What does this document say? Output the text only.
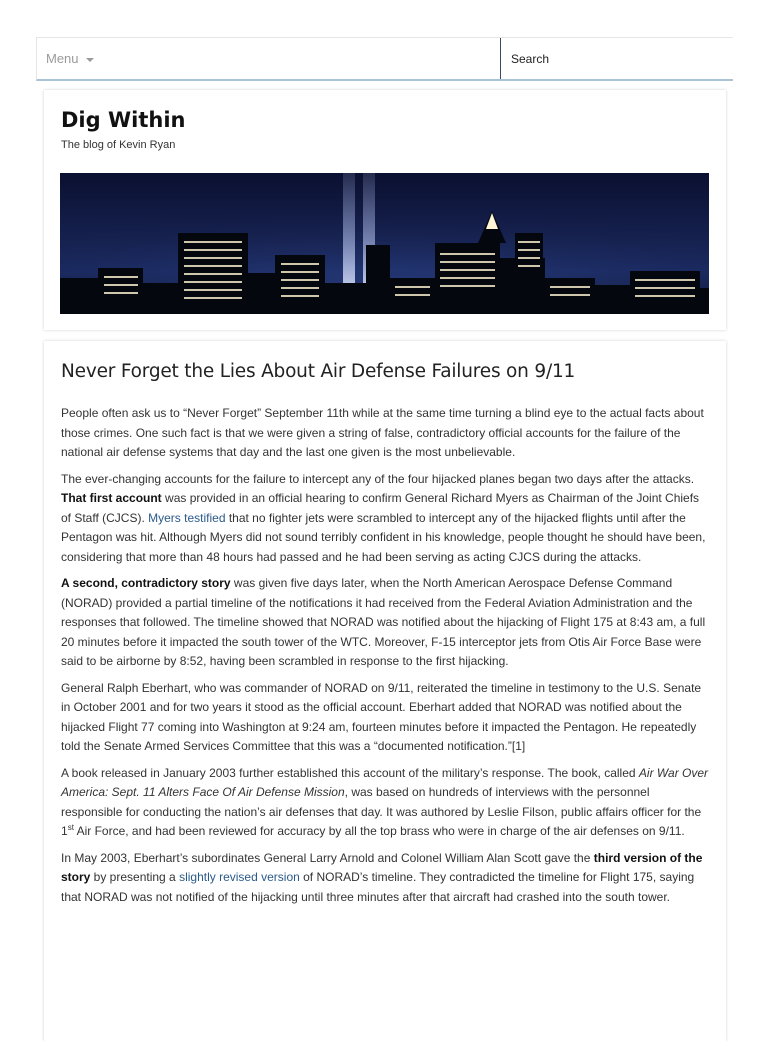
Menu
Search
Dig Within

The blog of Kevin Ryan

Never Forget the Lies About Air Defense Failures on 9/11

People often ask us to “Never Forget” September 11th while at the same time turning a blind eye to the actual facts about those crimes. One such fact is that we were given a string of false, contradictory official accounts for the failure of the national air defense systems that day and the last one given is the most unbelievable.

The ever-changing accounts for the failure to intercept any of the four hijacked planes began two days after the attacks. That first account was provided in an official hearing to confirm General Richard Myers as Chairman of the Joint Chiefs of Staff (CJCS). Myers testified that no fighter jets were scrambled to intercept any of the hijacked flights until after the Pentagon was hit. Although Myers did not sound terribly confident in his knowledge, people thought he should have been, considering that more than 48 hours had passed and he had been serving as acting CJCS during the attacks.

A second, contradictory story was given five days later, when the North American Aerospace Defense Command (NORAD) provided a partial timeline of the notifications it had received from the Federal Aviation Administration and the responses that followed. The timeline showed that NORAD was notified about the hijacking of Flight 175 at 8:43 am, a full 20 minutes before it impacted the south tower of the WTC. Moreover, F-15 interceptor jets from Otis Air Force Base were said to be airborne by 8:52, having been scrambled in response to the first hijacking.

General Ralph Eberhart, who was commander of NORAD on 9/11, reiterated the timeline in testimony to the U.S. Senate in October 2001 and for two years it stood as the official account. Eberhart added that NORAD was notified about the hijacked Flight 77 coming into Washington at 9:24 am, fourteen minutes before it impacted the Pentagon. He repeatedly told the Senate Armed Services Committee that this was a “documented notification.”[1]

A book released in January 2003 further established this account of the military’s response. The book, called Air War Over America: Sept. 11 Alters Face Of Air Defense Mission, was based on hundreds of interviews with the personnel responsible for conducting the nation’s air defenses that day. It was authored by Leslie Filson, public affairs officer for the 1st Air Force, and had been reviewed for accuracy by all the top brass who were in charge of the air defenses on 9/11.

In May 2003, Eberhart’s subordinates General Larry Arnold and Colonel William Alan Scott gave the third version of the story by presenting a slightly revised version of NORAD’s timeline. They contradicted the timeline for Flight 175, saying that NORAD was not notified of the hijacking until three minutes after that aircraft had crashed into the south tower.
